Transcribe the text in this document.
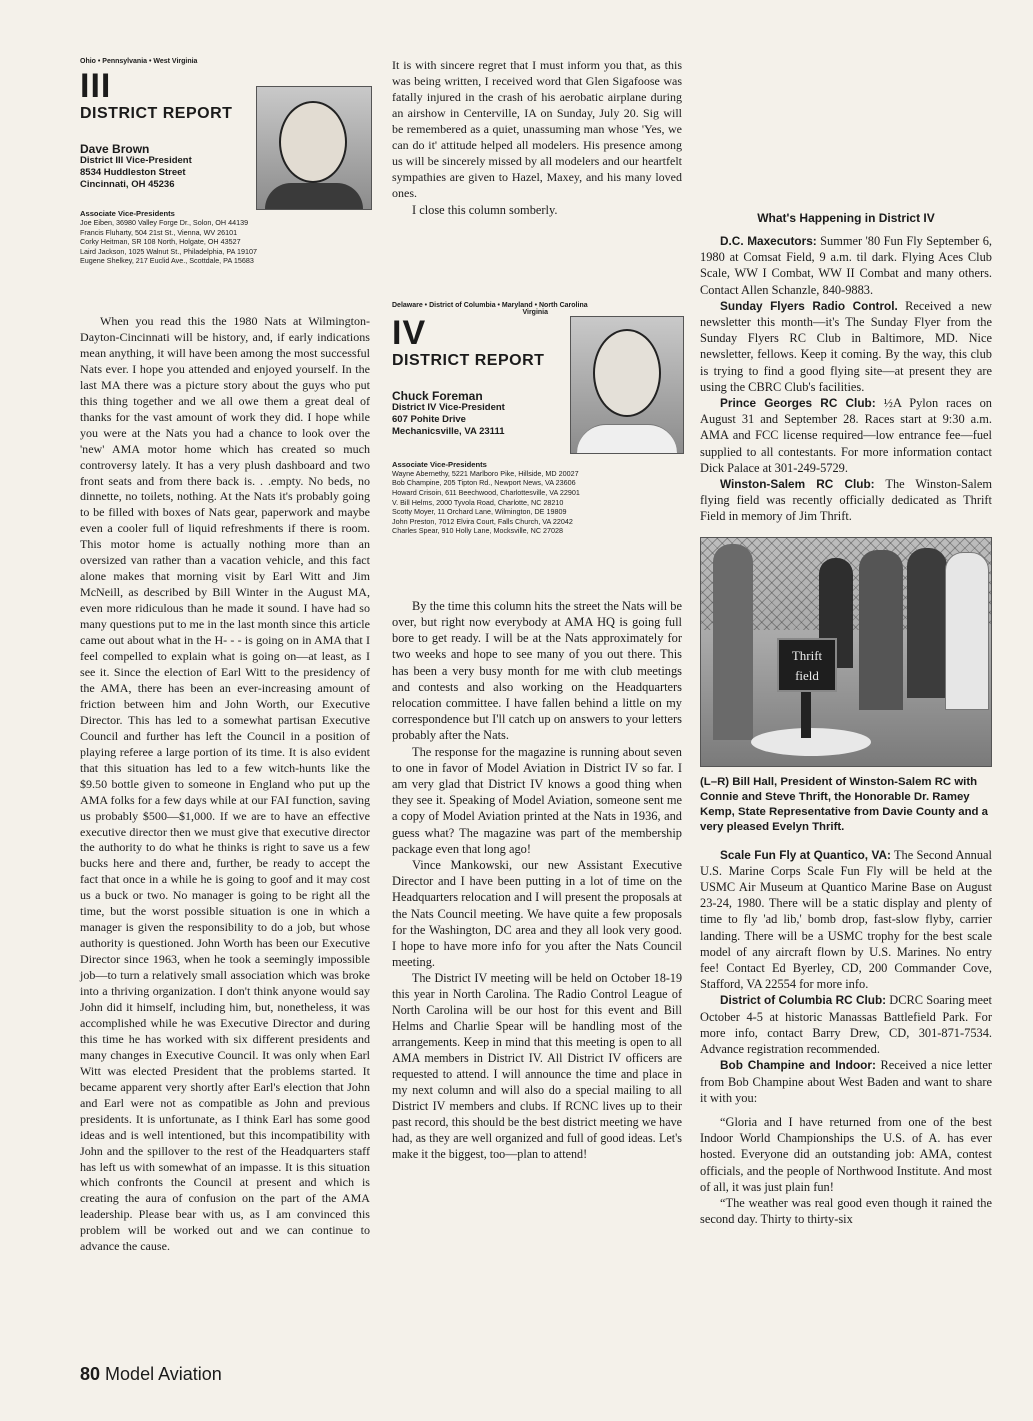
Ohio • Pennsylvania • West Virginia
III
DISTRICT REPORT
Dave Brown
District III Vice-President
8534 Huddleston Street
Cincinnati, OH 45236
Associate Vice-Presidents
Joe Eiben, 36980 Valley Forge Dr., Solon, OH 44139
Francis Fluharty, 504 21st St., Vienna, WV 26101
Corky Heitman, SR 108 North, Holgate, OH 43527
Laird Jackson, 1025 Walnut St., Philadelphia, PA 19107
Eugene Shelkey, 217 Euclid Ave., Scottdale, PA 15683

When you read this the 1980 Nats at Wilmington-Dayton-Cincinnati will be history, and, if early indications mean anything, it will have been among the most successful Nats ever. I hope you attended and enjoyed yourself. In the last MA there was a picture story about the guys who put this thing together and we all owe them a great deal of thanks for the vast amount of work they did. I hope while you were at the Nats you had a chance to look over the 'new' AMA motor home which has created so much controversy lately. It has a very plush dashboard and two front seats and from there back is. . .empty. No beds, no dinnette, no toilets, nothing. At the Nats it's probably going to be filled with boxes of Nats gear, paperwork and maybe even a cooler full of liquid refreshments if there is room. This motor home is actually nothing more than an oversized van rather than a vacation vehicle, and this fact alone makes that morning visit by Earl Witt and Jim McNeill, as described by Bill Winter in the August MA, even more ridiculous than he made it sound. I have had so many questions put to me in the last month since this article came out about what in the H- - - is going on in AMA that I feel compelled to explain what is going on—at least, as I see it. Since the election of Earl Witt to the presidency of the AMA, there has been an ever-increasing amount of friction between him and John Worth, our Executive Director. This has led to a somewhat partisan Executive Council and further has left the Council in a position of playing referee a large portion of its time. It is also evident that this situation has led to a few witch-hunts like the $9.50 bottle given to someone in England who put up the AMA folks for a few days while at our FAI function, saving us probably $500—$1,000. If we are to have an effective executive director then we must give that executive director the authority to do what he thinks is right to save us a few bucks here and there and, further, be ready to accept the fact that once in a while he is going to goof and it may cost us a buck or two. No manager is going to be right all the time, but the worst possible situation is one in which a manager is given the responsibility to do a job, but whose authority is questioned. John Worth has been our Executive Director since 1963, when he took a seemingly impossible job—to turn a relatively small association which was broke into a thriving organization. I don't think anyone would say John did it himself, including him, but, nonetheless, it was accomplished while he was Executive Director and during this time he has worked with six different presidents and many changes in Executive Council. It was only when Earl Witt was elected President that the problems started. It became apparent very shortly after Earl's election that John and Earl were not as compatible as John and previous presidents. It is unfortunate, as I think Earl has some good ideas and is well intentioned, but this incompatibility with John and the spillover to the rest of the Headquarters staff has left us with somewhat of an impasse. It is this situation which confronts the Council at present and which is creating the aura of confusion on the part of the AMA leadership. Please bear with us, as I am convinced this problem will be worked out and we can continue to advance the cause.

It is with sincere regret that I must inform you that, as this was being written, I received word that Glen Sigafoose was fatally injured in the crash of his aerobatic airplane during an airshow in Centerville, IA on Sunday, July 20. Sig will be remembered as a quiet, unassuming man whose 'Yes, we can do it' attitude helped all modelers. His presence among us will be sincerely missed by all modelers and our heartfelt sympathies are given to Hazel, Maxey, and his many loved ones.

I close this column somberly.

Delaware • District of Columbia • Maryland • North Carolina
Virginia
IV
DISTRICT REPORT
Chuck Foreman
District IV Vice-President
607 Pohite Drive
Mechanicsville, VA 23111
Associate Vice-Presidents
Wayne Abernethy, 5221 Marlboro Pike, Hillside, MD 20027
Bob Champine, 205 Tipton Rd., Newport News, VA 23606
Howard Crisoin, 611 Beechwood, Charlottesville, VA 22901
V. Bill Helms, 2000 Tyvola Road, Charlotte, NC 28210
Scotty Moyer, 11 Orchard Lane, Wilmington, DE 19809
John Preston, 7012 Elvira Court, Falls Church, VA 22042
Charles Spear, 910 Holly Lane, Mocksville, NC 27028

By the time this column hits the street the Nats will be over, but right now everybody at AMA HQ is going full bore to get ready. I will be at the Nats approximately for two weeks and hope to see many of you out there. This has been a very busy month for me with club meetings and contests and also working on the Headquarters relocation committee. I have fallen behind a little on my correspondence but I'll catch up on answers to your letters probably after the Nats.

The response for the magazine is running about seven to one in favor of Model Aviation in District IV so far. I am very glad that District IV knows a good thing when they see it. Speaking of Model Aviation, someone sent me a copy of Model Aviation printed at the Nats in 1936, and guess what? The magazine was part of the membership package even that long ago!

Vince Mankowski, our new Assistant Executive Director and I have been putting in a lot of time on the Headquarters relocation and I will present the proposals at the Nats Council meeting. We have quite a few proposals for the Washington, DC area and they all look very good. I hope to have more info for you after the Nats Council meeting.

The District IV meeting will be held on October 18-19 this year in North Carolina. The Radio Control League of North Carolina will be our host for this event and Bill Helms and Charlie Spear will be handling most of the arrangements. Keep in mind that this meeting is open to all AMA members in District IV. All District IV officers are requested to attend. I will announce the time and place in my next column and will also do a special mailing to all District IV members and clubs. If RCNC lives up to their past record, this should be the best district meeting we have had, as they are well organized and full of good ideas. Let's make it the biggest, too—plan to attend!

What's Happening in District IV

D.C. Maxecutors: Summer '80 Fun Fly September 6, 1980 at Comsat Field, 9 a.m. til dark. Flying Aces Club Scale, WW I Combat, WW II Combat and many others. Contact Allen Schanzle, 840-9883.

Sunday Flyers Radio Control. Received a new newsletter this month—it's The Sunday Flyer from the Sunday Flyers RC Club in Baltimore, MD. Nice newsletter, fellows. Keep it coming. By the way, this club is trying to find a good flying site—at present they are using the CBRC Club's facilities.

Prince Georges RC Club: ½A Pylon races on August 31 and September 28. Races start at 9:30 a.m. AMA and FCC license required—low entrance fee—fuel supplied to all contestants. For more information contact Dick Palace at 301-249-5729.

Winston-Salem RC Club: The Winston-Salem flying field was recently officially dedicated as Thrift Field in memory of Jim Thrift.

Thrift
field
(L–R) Bill Hall, President of Winston-Salem RC with Connie and Steve Thrift, the Honorable Dr. Ramey Kemp, State Representative from Davie County and a very pleased Evelyn Thrift.

Scale Fun Fly at Quantico, VA: The Second Annual U.S. Marine Corps Scale Fun Fly will be held at the USMC Air Museum at Quantico Marine Base on August 23-24, 1980. There will be a static display and plenty of time to fly 'ad lib,' bomb drop, fast-slow flyby, carrier landing. There will be a USMC trophy for the best scale model of any aircraft flown by U.S. Marines. No entry fee! Contact Ed Byerley, CD, 200 Commander Cove, Stafford, VA 22554 for more info.

District of Columbia RC Club: DCRC Soaring meet October 4-5 at historic Manassas Battlefield Park. For more info, contact Barry Drew, CD, 301-871-7534. Advance registration recommended.

Bob Champine and Indoor: Received a nice letter from Bob Champine about West Baden and want to share it with you:

“Gloria and I have returned from one of the best Indoor World Championships the U.S. of A. has ever hosted. Everyone did an outstanding job: AMA, contest officials, and the people of Northwood Institute. And most of all, it was just plain fun!

“The weather was real good even though it rained the second day. Thirty to thirty-six

80 Model Aviation
